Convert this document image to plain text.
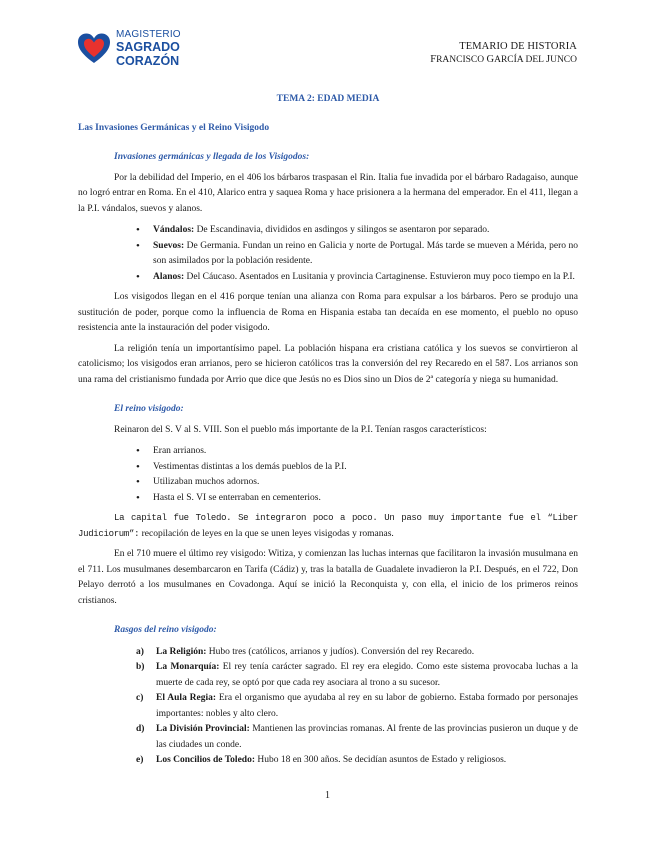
MAGISTERIO
SAGRADO
CORAZÓN
TEMARIO DE HISTORIA
FRANCISCO GARCÍA DEL JUNCO
TEMA 2: EDAD MEDIA
Las Invasiones Germánicas y el Reino Visigodo
Invasiones germánicas y llegada de los Visigodos:

Por la debilidad del Imperio, en el 406 los bárbaros traspasan el Rin. Italia fue invadida por el bárbaro Radagaiso, aunque no logró entrar en Roma. En el 410, Alarico entra y saquea Roma y hace prisionera a la hermana del emperador. En el 411, llegan a la P.I. vándalos, suevos y alanos.

• Vándalos: De Escandinavia, divididos en asdingos y silingos se asentaron por separado.
• Suevos: De Germania. Fundan un reino en Galicia y norte de Portugal. Más tarde se mueven a Mérida, pero no son asimilados por la población residente.
• Alanos: Del Cáucaso. Asentados en Lusitania y provincia Cartaginense. Estuvieron muy poco tiempo en la P.I.

Los visigodos llegan en el 416 porque tenían una alianza con Roma para expulsar a los bárbaros. Pero se produjo una sustitución de poder, porque como la influencia de Roma en Hispania estaba tan decaída en ese momento, el pueblo no opuso resistencia ante la instauración del poder visigodo.

La religión tenía un importantísimo papel. La población hispana era cristiana católica y los suevos se convirtieron al catolicismo; los visigodos eran arrianos, pero se hicieron católicos tras la conversión del rey Recaredo en el 587. Los arrianos son una rama del cristianismo fundada por Arrio que dice que Jesús no es Dios sino un Dios de 2ª categoría y niega su humanidad.

El reino visigodo:

Reinaron del S. V al S. VIII. Son el pueblo más importante de la P.I. Tenían rasgos característicos:

• Eran arrianos.
• Vestimentas distintas a los demás pueblos de la P.I.
• Utilizaban muchos adornos.
• Hasta el S. VI se enterraban en cementerios.

La capital fue Toledo. Se integraron poco a poco. Un paso muy importante fue el “Liber Judiciorum”: recopilación de leyes en la que se unen leyes visigodas y romanas.

En el 710 muere el último rey visigodo: Witiza, y comienzan las luchas internas que facilitaron la invasión musulmana en el 711. Los musulmanes desembarcaron en Tarifa (Cádiz) y, tras la batalla de Guadalete invadieron la P.I. Después, en el 722, Don Pelayo derrotó a los musulmanes en Covadonga. Aquí se inició la Reconquista y, con ella, el inicio de los primeros reinos cristianos.

Rasgos del reino visigodo:
a) La Religión: Hubo tres (católicos, arrianos y judíos). Conversión del rey Recaredo.
b) La Monarquía: El rey tenía carácter sagrado. El rey era elegido. Como este sistema provocaba luchas a la muerte de cada rey, se optó por que cada rey asociara al trono a su sucesor.
c) El Aula Regia: Era el organismo que ayudaba al rey en su labor de gobierno. Estaba formado por personajes importantes: nobles y alto clero.
d) La División Provincial: Mantienen las provincias romanas. Al frente de las provincias pusieron un duque y de las ciudades un conde.
e) Los Concilios de Toledo: Hubo 18 en 300 años. Se decidían asuntos de Estado y religiosos.
1
